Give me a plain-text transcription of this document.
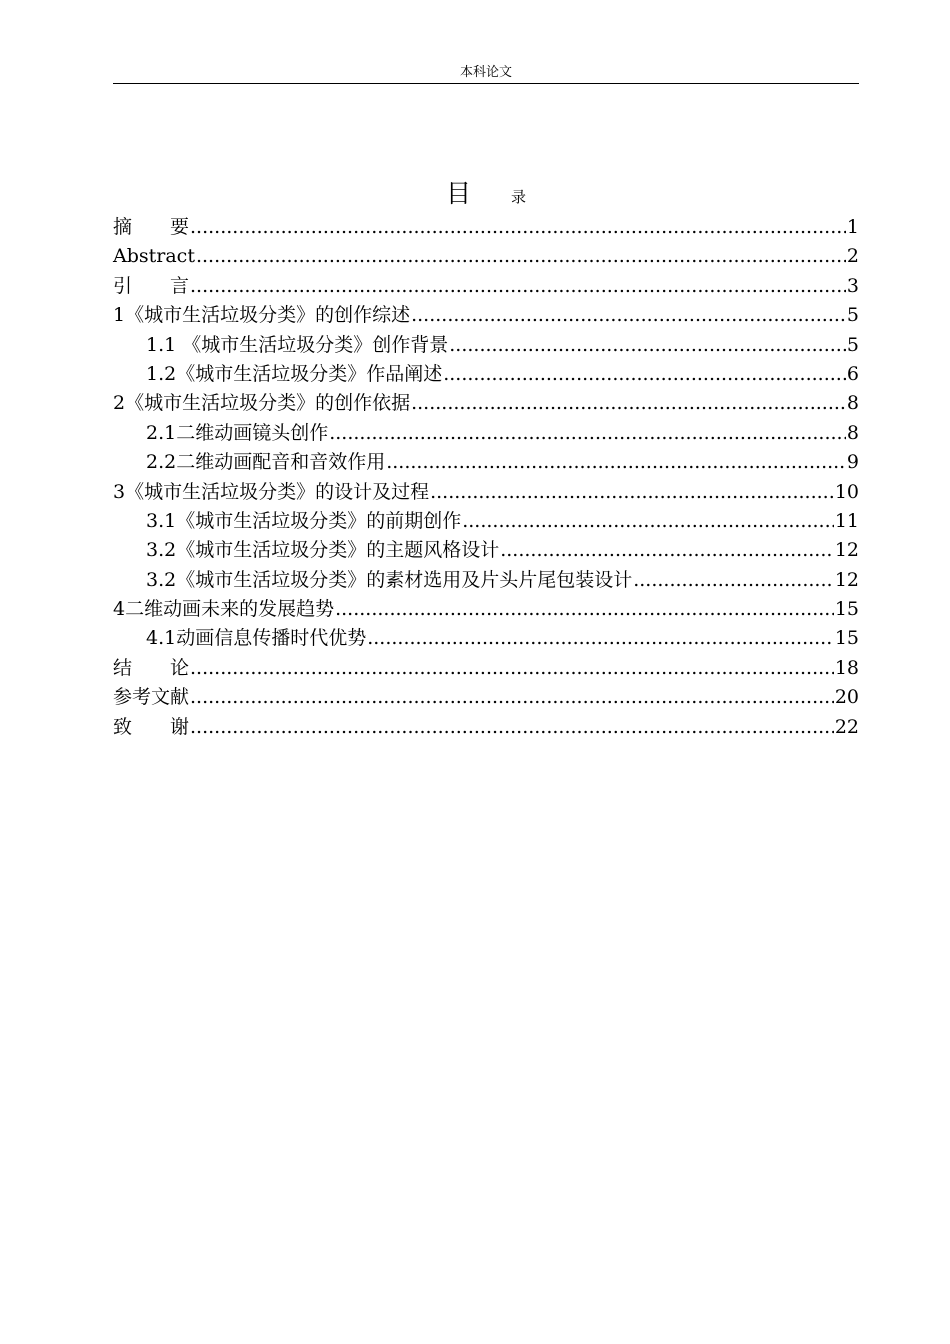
本科论文
目	录
摘　　要 .....	1
Abstract .....	2
引　　言 .....	3
1《城市生活垃圾分类》的创作综述 .....	5
1.1 《城市生活垃圾分类》创作背景 .....	5
1.2《城市生活垃圾分类》作品阐述 .....	6
2《城市生活垃圾分类》的创作依据 .....	8
2.1二维动画镜头创作 .....	8
2.2二维动画配音和音效作用 .....	9
3《城市生活垃圾分类》的设计及过程 .....	10
3.1《城市生活垃圾分类》的前期创作 .....	11
3.2《城市生活垃圾分类》的主题风格设计 .....	12
3.2《城市生活垃圾分类》的素材选用及片头片尾包装设计 .....	12
4二维动画未来的发展趋势 .....	15
4.1动画信息传播时代优势 .....	15
结　　论 .....	18
参考文献 .....	20
致　　谢 .....	22
